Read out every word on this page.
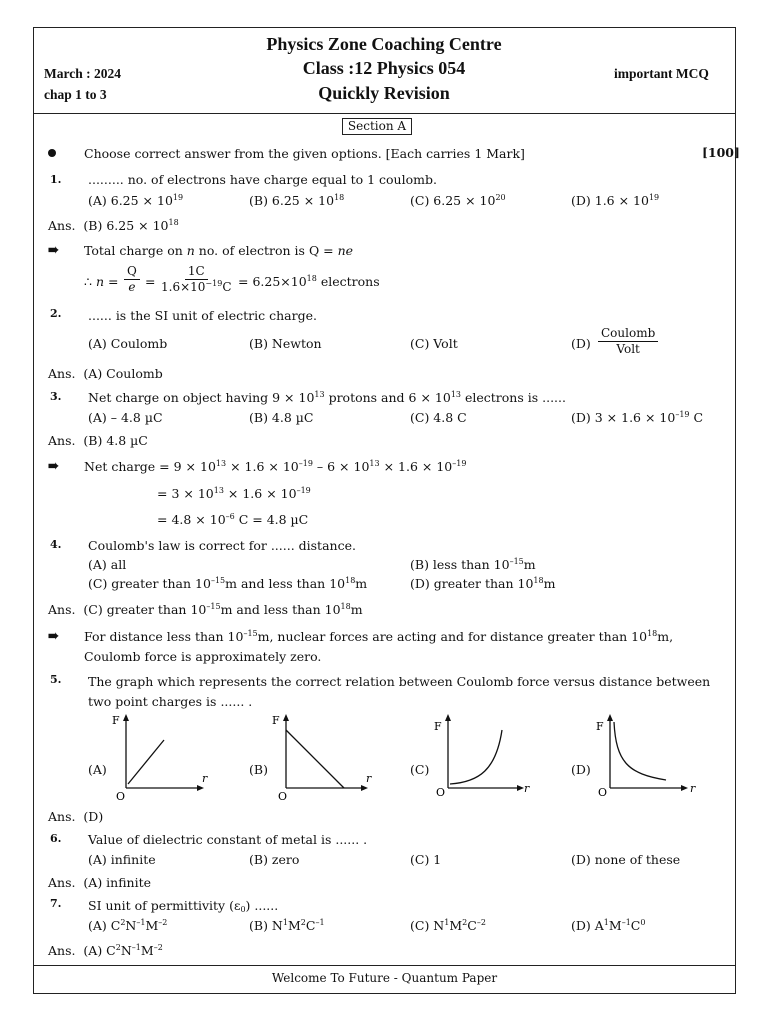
Physics Zone Coaching Centre
Class :12 Physics 054
Quickly Revision
March : 2024
chap 1 to 3
important MCQ
Section A
Choose correct answer from the given options. [Each carries 1 Mark]	[100]
1. ......... no. of electrons have charge equal to 1 coulomb.
(A) $6.25 \times 10^{19}$	(B) $6.25 \times 10^{18}$	(C) $6.25 \times 10^{20}$	(D) $1.6 \times 10^{19}$
Ans. (B) $6.25 \times 10^{18}$
➠ Total charge on n no. of electron is Q = ne
∴ $n = \frac{Q}{e} = \frac{1C}{1.6\times 10^{-19}C} = 6.25\times 10^{18}$ electrons
2. ...... is the SI unit of electric charge.
(A) Coulomb	(B) Newton	(C) Volt	(D)
Coulomb
Volt
Ans. (A) Coulomb
3. Net charge on object having $9 \times 10^{13}$ protons and $6 \times 10^{13}$ electrons is ......
(A) – 4.8 µC	(B) 4.8 µC	(C) 4.8 C	(D) $3 \times 1.6 \times 10^{-19}$ C
Ans. (B) 4.8 µC
➠ Net charge = $9 \times 10^{13} \times 1.6 \times 10^{-19} - 6 \times 10^{13} \times 1.6 \times 10^{-19}$
= $3 \times 10^{13} \times 1.6 \times 10^{-19}$
= $4.8 \times 10^{-6}$ C = 4.8 µC
4. Coulomb's law is correct for ...... distance.
(A) all	(B) less than $10^{-15}m$
(C) greater than $10^{-15}m$ and less than $10^{18}m$	(D) greater than $10^{18}m$
Ans. (C) greater than $10^{-15}m$ and less than $10^{18}m$
➠ For distance less than $10^{-15}m$, nuclear forces are acting and for distance greater than $10^{18}m$,
Coulomb force is approximately zero.
5. The graph which represents the correct relation between Coulomb force versus distance between
two point charges is ...... .
(A)	(B)	(C)	(D)
F
r
O
F
r
O
F
r
O
F
r
O
Ans. (D)
6. Value of dielectric constant of metal is ...... .
(A) infinite	(B) zero	(C) 1	(D) none of these
Ans. (A) infinite
7. SI unit of permittivity $(\varepsilon_0)$ ......
(A) $C^2N^{-1}M^{-2}$	(B) $N^1M^2C^{-1}$	(C) $N^1M^2C^{-2}$	(D) $A^1M^{-1}C^0$
Ans. (A) $C^2N^{-1}M^{-2}$
Welcome To Future - Quantum Paper
